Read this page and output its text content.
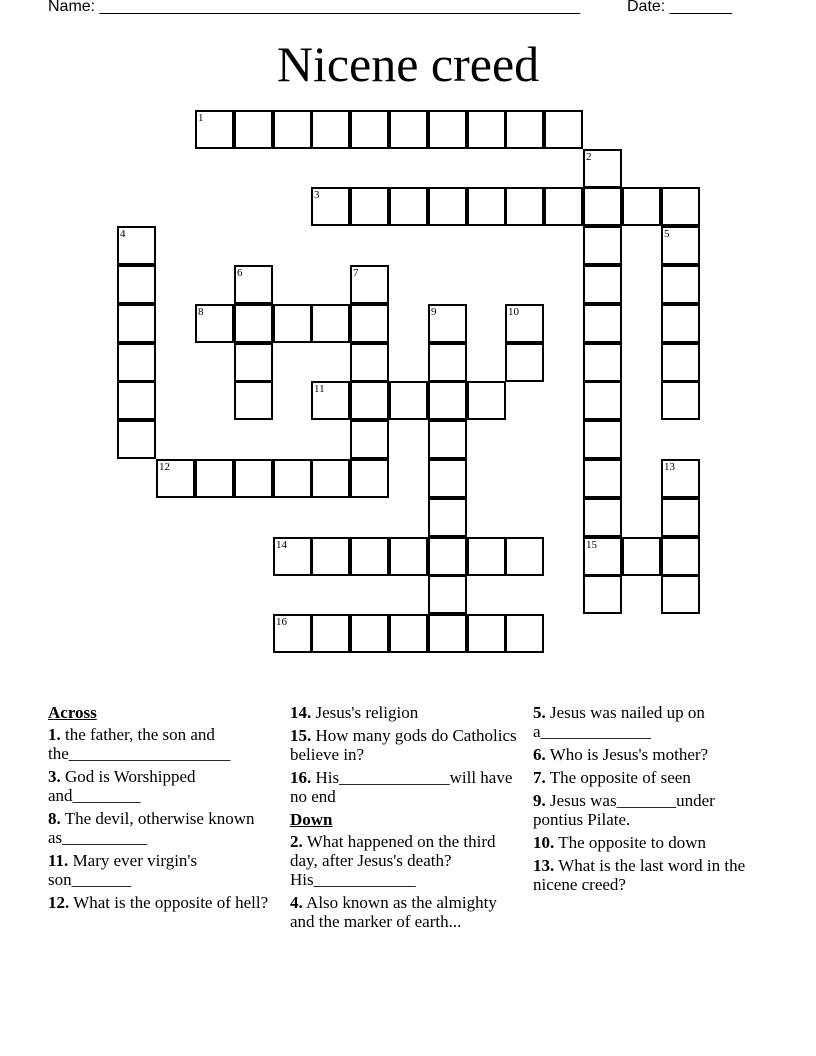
Name: ______________________________________________________	Date: _______
Nicene creed
1
2
3
4	5
6	7
8	9	10
11
12	13
14	15
16
Across
1. the father, the son and the___________________
3. God is Worshipped and________
8. The devil, otherwise known as__________
11. Mary ever virgin's son_______
12. What is the opposite of hell?
14. Jesus's religion
15. How many gods do Catholics believe in?
16. His_____________will have no end
Down
2. What happened on the third day, after Jesus's death? His____________
4. Also known as the almighty and the marker of earth...
5. Jesus was nailed up on a_____________
6. Who is Jesus's mother?
7. The opposite of seen
9. Jesus was_______under pontius Pilate.
10. The opposite to down
13. What is the last word in the nicene creed?
